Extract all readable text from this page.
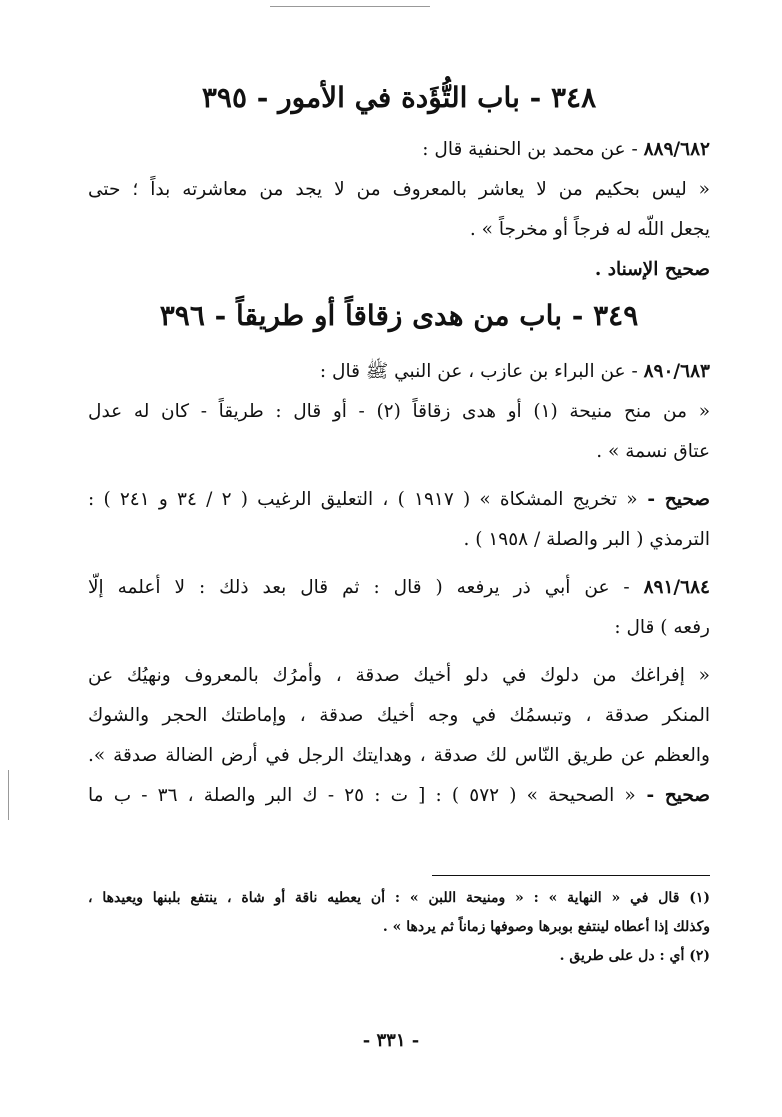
٣٤٨ - باب التُّؤَدة في الأمور - ٣٩٥
٨٨٩/٦٨٢ - عن محمد بن الحنفية قال :
« ليس بحكيم من لا يعاشر بالمعروف من لا يجد من معاشرته بداً ؛ حتى
يجعل اللّه له فرجاً أو مخرجاً » .
صحيح الإسناد .
٣٤٩ - باب من هدى زقاقاً أو طريقاً - ٣٩٦
٨٩٠/٦٨٣ - عن البراء بن عازب ، عن النبي ﷺ قال :
« من منح منيحة (١) أو هدى زقاقاً (٢) - أو قال : طريقاً - كان له عدل
عتاق نسمة » .
صحيح - « تخريج المشكاة » ( ١٩١٧ ) ، التعليق الرغيب ( ٢ / ٣٤ و ٢٤١ ) :
الترمذي ( البر والصلة / ١٩٥٨ ) .
٨٩١/٦٨٤ - عن أبي ذر يرفعه ( قال : ثم قال بعد ذلك : لا أعلمه إلّا
رفعه ) قال :
« إفراغك من دلوك في دلو أخيك صدقة ، وأمرُك بالمعروف ونهيُك عن
المنكر صدقة ، وتبسمُك في وجه أخيك صدقة ، وإماطتك الحجر والشوك
والعظم عن طريق النّاس لك صدقة ، وهدايتك الرجل في أرض الضالة صدقة ».
صحيح - « الصحيحة » ( ٥٧٢ ) : [ ت : ٢٥ - ك البر والصلة ، ٣٦ - ب ما
(١) قال في « النهاية » : « ومنيحة اللبن » : أن يعطيه ناقة أو شاة ، ينتفع بلبنها ويعيدها ،
وكذلك إذا أعطاه لينتفع بوبرها وصوفها زماناً ثم يردها » .
(٢) أي : دل على طريق .
- ٣٣١ -
